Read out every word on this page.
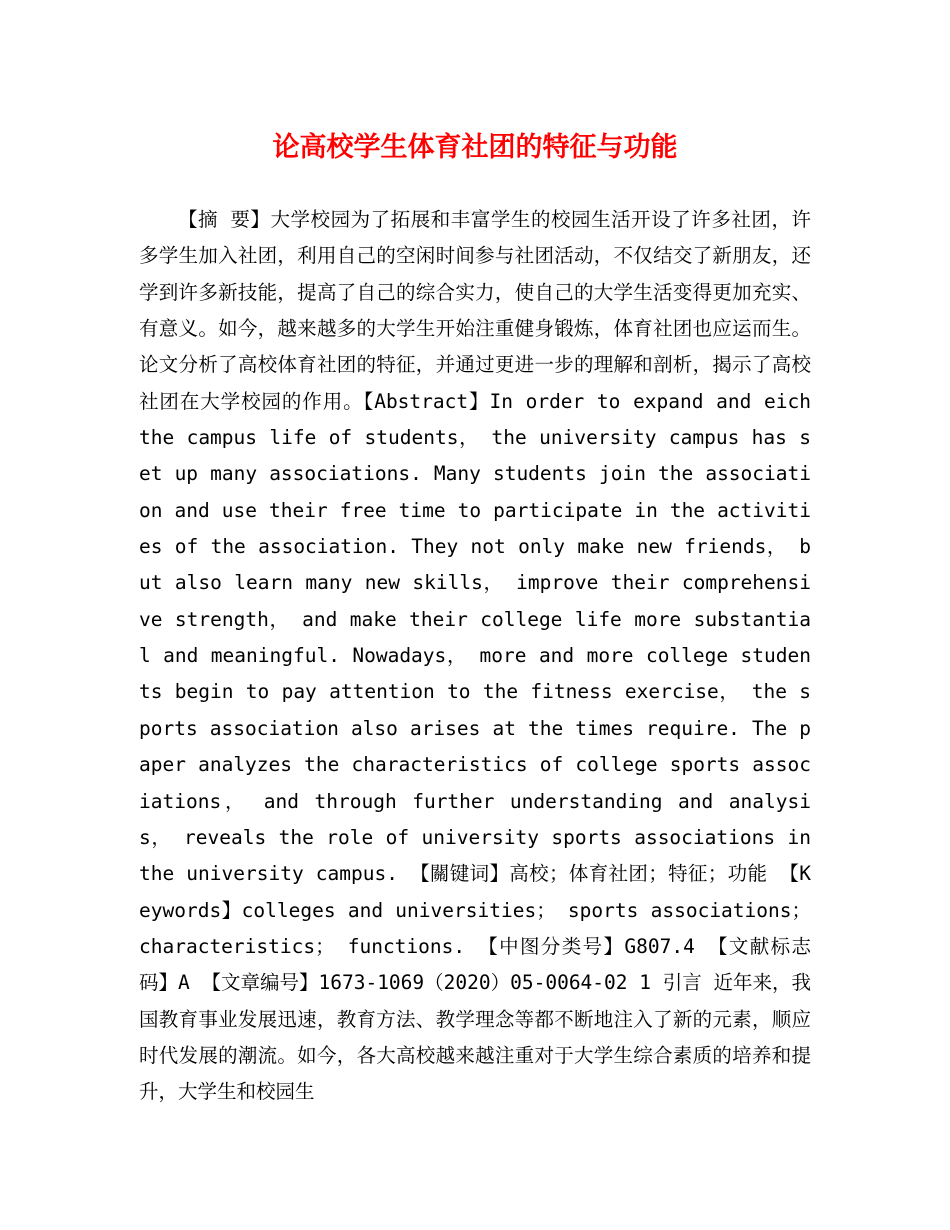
论高校学生体育社团的特征与功能

【摘 要】大学校园为了拓展和丰富学生的校园生活开设了许多社团，许多学生加入社团，利用自己的空闲时间参与社团活动，不仅结交了新朋友，还学到许多新技能，提高了自己的综合实力，使自己的大学生活变得更加充实、有意义。如今，越来越多的大学生开始注重健身锻炼，体育社团也应运而生。论文分析了高校体育社团的特征，并通过更进一步的理解和剖析，揭示了高校社团在大学校园的作用。【Abstract】In order to expand and eich the campus life of students， the university campus has set up many associations. Many students join the association and use their free time to participate in the activities of the association. They not only make new friends， but also learn many new skills， improve their comprehensive strength， and make their college life more substantial and meaningful. Nowadays， more and more college students begin to pay attention to the fitness exercise， the sports association also arises at the times require. The paper analyzes the characteristics of college sports associations， and through further understanding and analysis， reveals the role of university sports associations in the university campus. 【關键词】高校；体育社团；特征；功能 【Keywords】colleges and universities； sports associations； characteristics； functions. 【中图分类号】G807.4 【文献标志码】A 【文章编号】1673-1069（2020）05-0064-02 1 引言 近年来，我国教育事业发展迅速，教育方法、教学理念等都不断地注入了新的元素，顺应时代发展的潮流。如今，各大高校越来越注重对于大学生综合素质的培养和提升，大学生和校园生
